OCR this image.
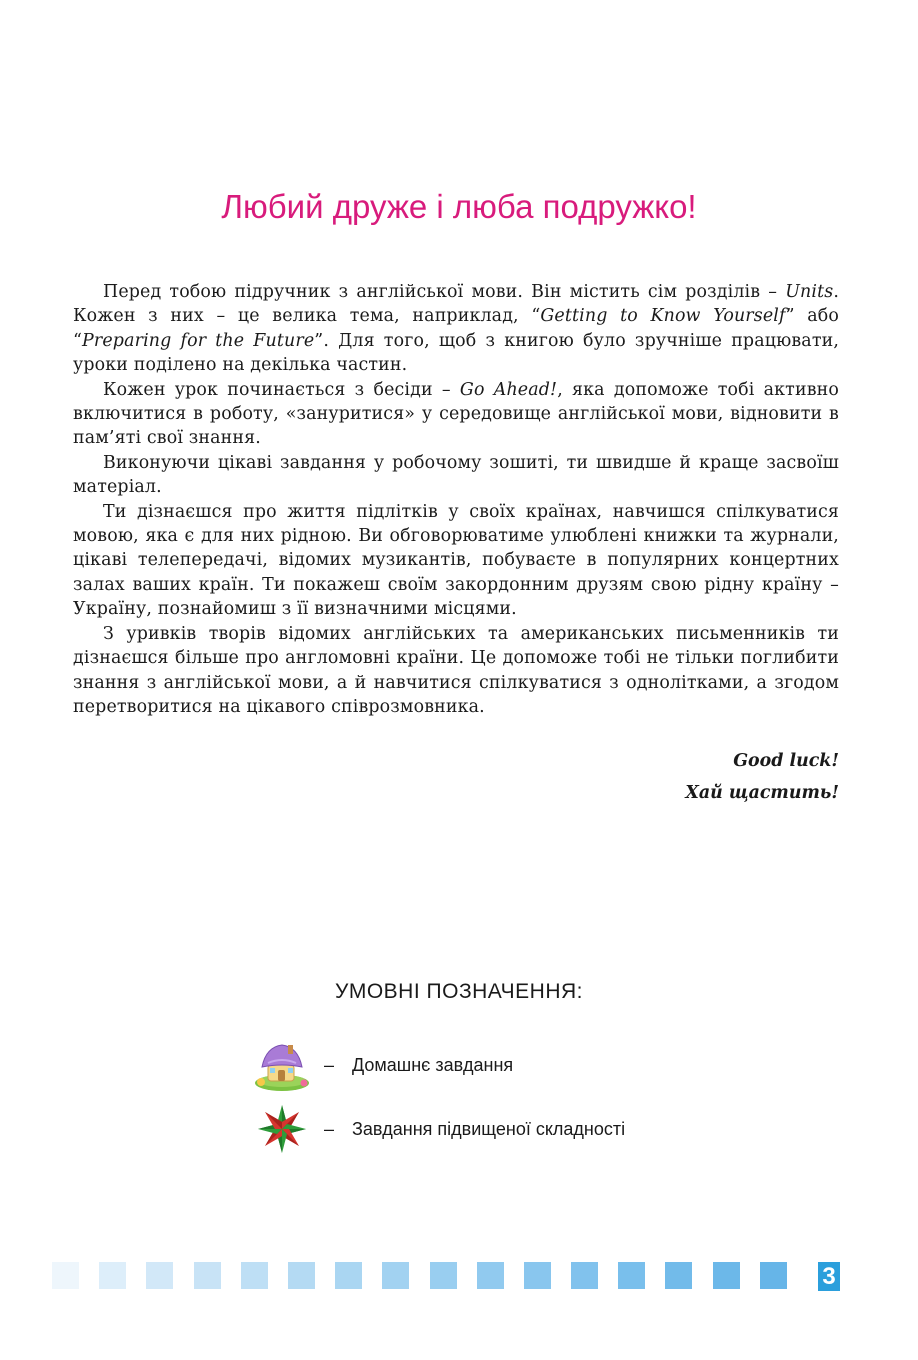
Любий друже і люба подружко!

Перед тобою підручник з англійської мови. Він містить сім розділів – Units. Кожен з них – це велика тема, наприклад, “Getting to Know Yourself” або “Preparing for the Future”. Для того, щоб з книгою було зручніше працювати, уроки поділено на декілька частин.

Кожен урок починається з бесіди – Go Ahead!, яка допоможе тобі активно включитися в роботу, «зануритися» у середовище англійської мови, відновити в пам’яті свої знання.

Виконуючи цікаві завдання у робочому зошиті, ти швидше й краще засвоїш матеріал.

Ти дізнаєшся про життя підлітків у своїх країнах, навчишся спілкуватися мовою, яка є для них рідною. Ви обговорюватиме улюблені книжки та журнали, цікаві телепередачі, відомих музикантів, побуваєте в популярних концертних залах ваших країн. Ти покажеш своїм закордонним друзям свою рідну країну – Україну, познайомиш з її визначними місцями.

З уривків творів відомих англійських та американських письменників ти дізнаєшся більше про англомовні країни. Це допоможе тобі не тільки поглибити знання з англійської мови, а й навчитися спілкуватися з однолітками, а згодом перетворитися на цікавого співрозмовника.

Good luck!
Хай щастить!
УМОВНІ ПОЗНАЧЕННЯ:
– Домашнє завдання
– Завдання підвищеної складності
3
